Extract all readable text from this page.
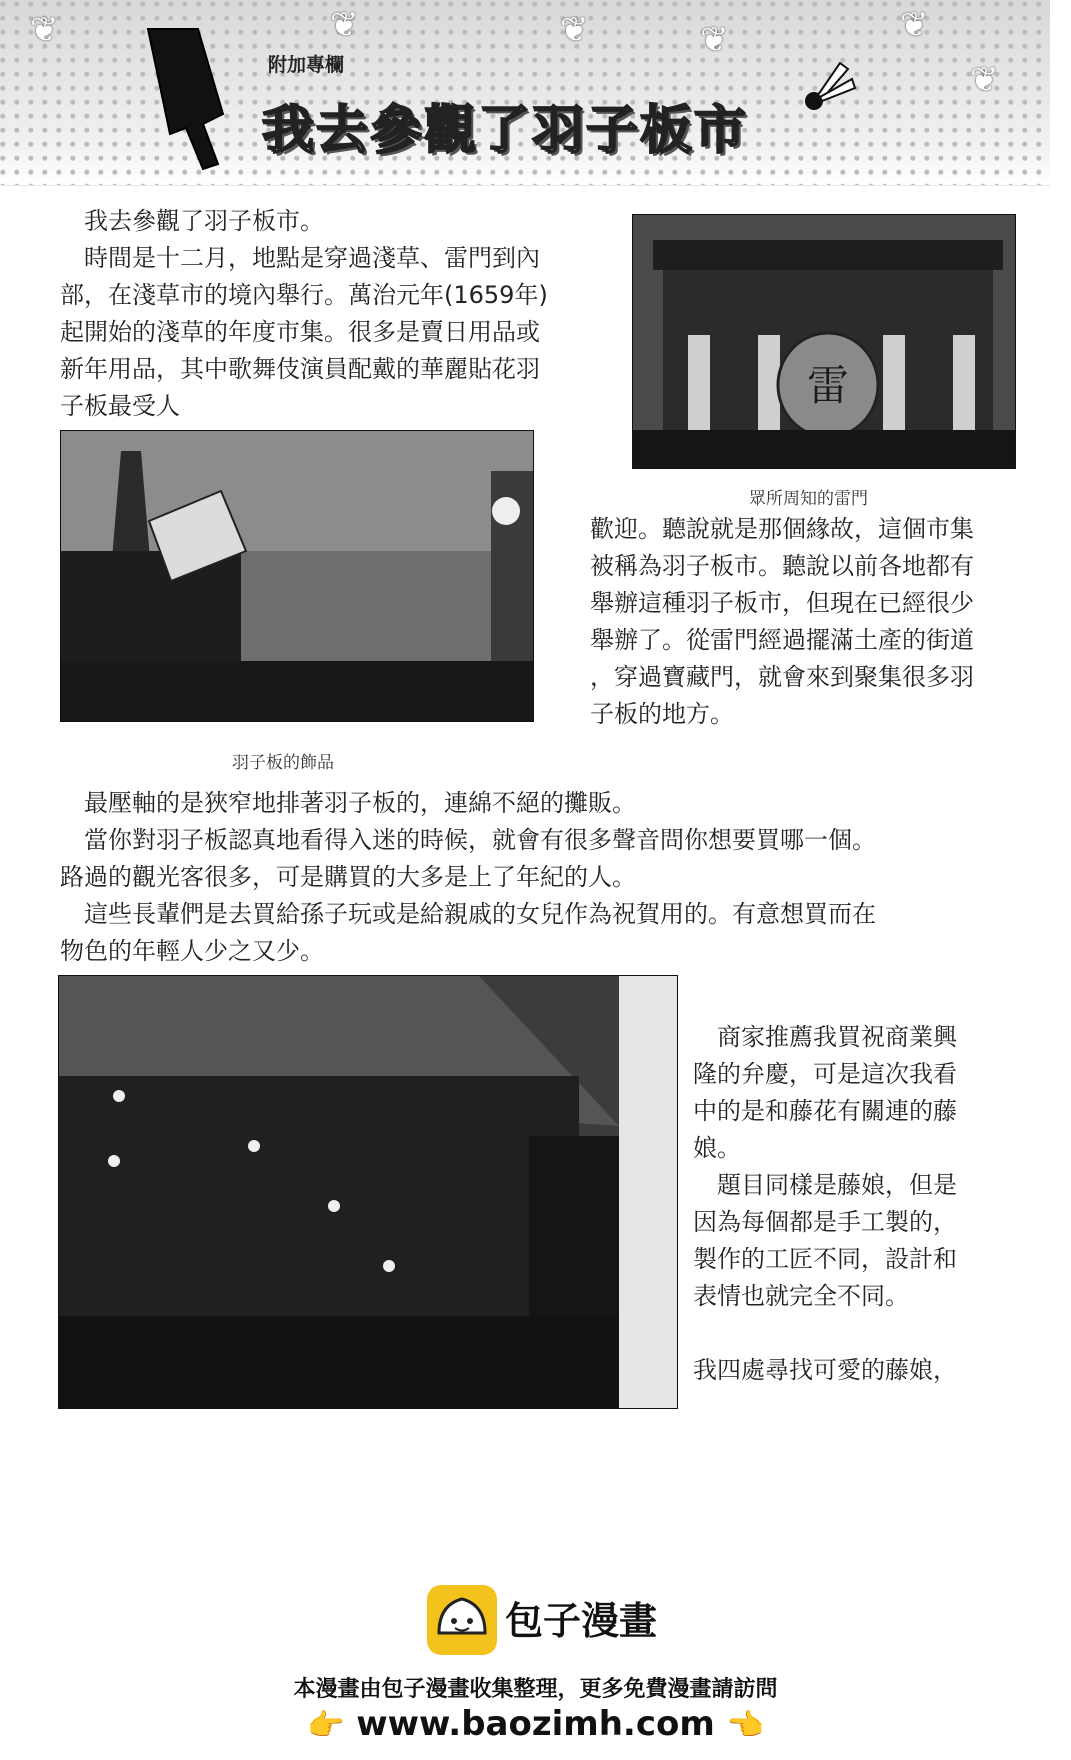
❦	❦	❦	❦	❦
❦
附加專欄
我去參觀了羽子板市

我去參觀了羽子板市。

時間是十二月，地點是穿過淺草、雷門到內

部，在淺草市的境內舉行。萬治元年(1659年)

起開始的淺草的年度市集。很多是賣日用品或

新年用品，其中歌舞伎演員配戴的華麗貼花羽

子板最受人	雷
眾所周知的雷門
羽子板的飾品

歡迎。聽說就是那個緣故，這個市集

被稱為羽子板市。聽說以前各地都有

舉辦這種羽子板市，但現在已經很少

舉辦了。從雷門經過擺滿土產的街道

，穿過寶藏門，就會來到聚集很多羽

子板的地方。

最壓軸的是狹窄地排著羽子板的，連綿不絕的攤販。

當你對羽子板認真地看得入迷的時候，就會有很多聲音問你想要買哪一個。

路過的觀光客很多，可是購買的大多是上了年紀的人。

這些長輩們是去買給孫子玩或是給親戚的女兒作為祝賀用的。有意想買而在

物色的年輕人少之又少。

商家推薦我買祝商業興

隆的弁慶，可是這次我看

中的是和藤花有關連的藤

娘。

題目同樣是藤娘，但是

因為每個都是手工製的，

製作的工匠不同，設計和

表情也就完全不同。

我四處尋找可愛的藤娘，

包子漫畫
本漫畫由包子漫畫收集整理，更多免費漫畫請訪問
👉 www.baozimh.com 👈
